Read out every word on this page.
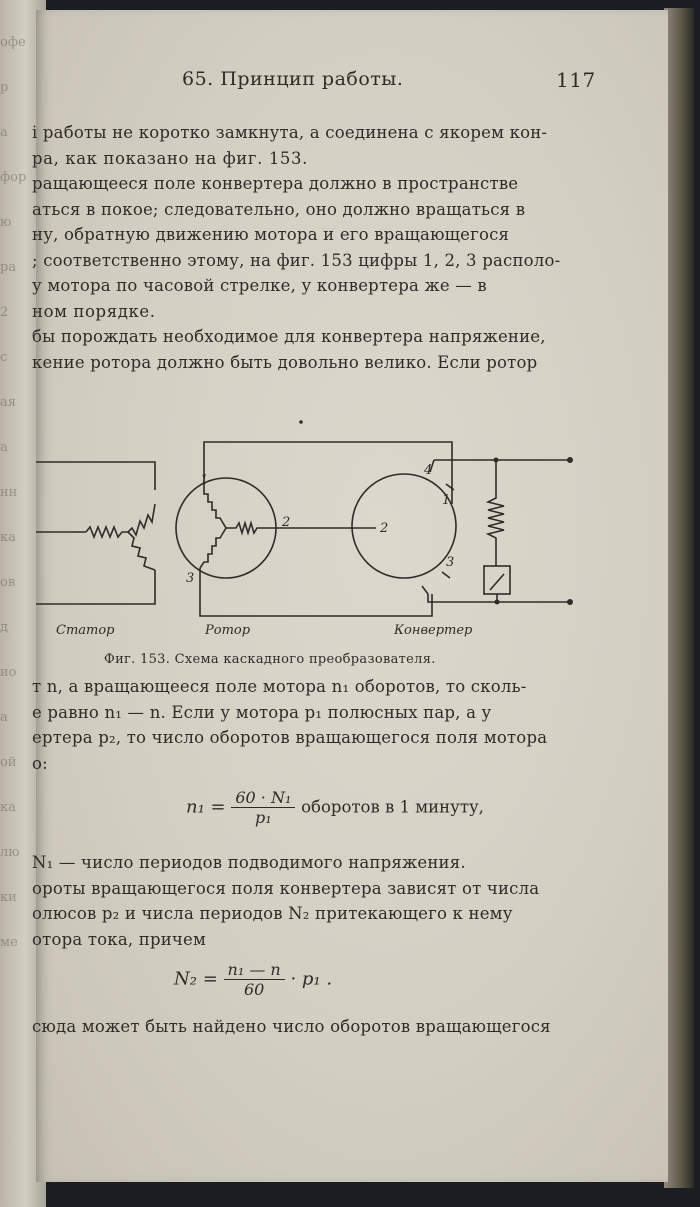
офе
р
а
фор
ю
ра
2
с
ая
а
нн
ка
ов
д
ио
а
ой
ка
лю
ки
ме
65. Принцип работы.	117
і работы не коротко замкнута, а соединена с якорем кон-
ра, как показано на фиг. 153.
ращающееся поле конвертера должно в пространстве
аться в покое; следовательно, оно должно вращаться в
ну, обратную движению мотора и его вращающегося
; соответственно этому, на фиг. 153 цифры 1, 2, 3 располо-
у мотора по часовой стрелке, у конвертера же — в
ном порядке.
бы порождать необходимое для конвертера напряжение,
кение ротора должно быть довольно велико. Если ротор
1
2
3
1
2
3
4
Статор	Ротор	Конвертер
Фиг. 153. Схема каскадного преобразователя.
т n, а вращающееся поле мотора n₁ оборотов, то сколь-
е равно n₁ — n. Если у мотора p₁ полюсных пар, а у
ертера p₂, то число оборотов вращающегося поля мотора
о:
$n_1 = \frac{\text{60 · N₁}}{\text{p₁}}$ оборотов в 1 минуту,
N₁ — число периодов подводимого напряжения.
ороты вращающегося поля конвертера зависят от числа
олюсов p₂ и числа периодов N₂ притекающего к нему
отора тока, причем
$N_2 = \frac{\text{n₁ — n}}{60} \cdot p_1$ .
сюда может быть найдено число оборотов вращающегося
